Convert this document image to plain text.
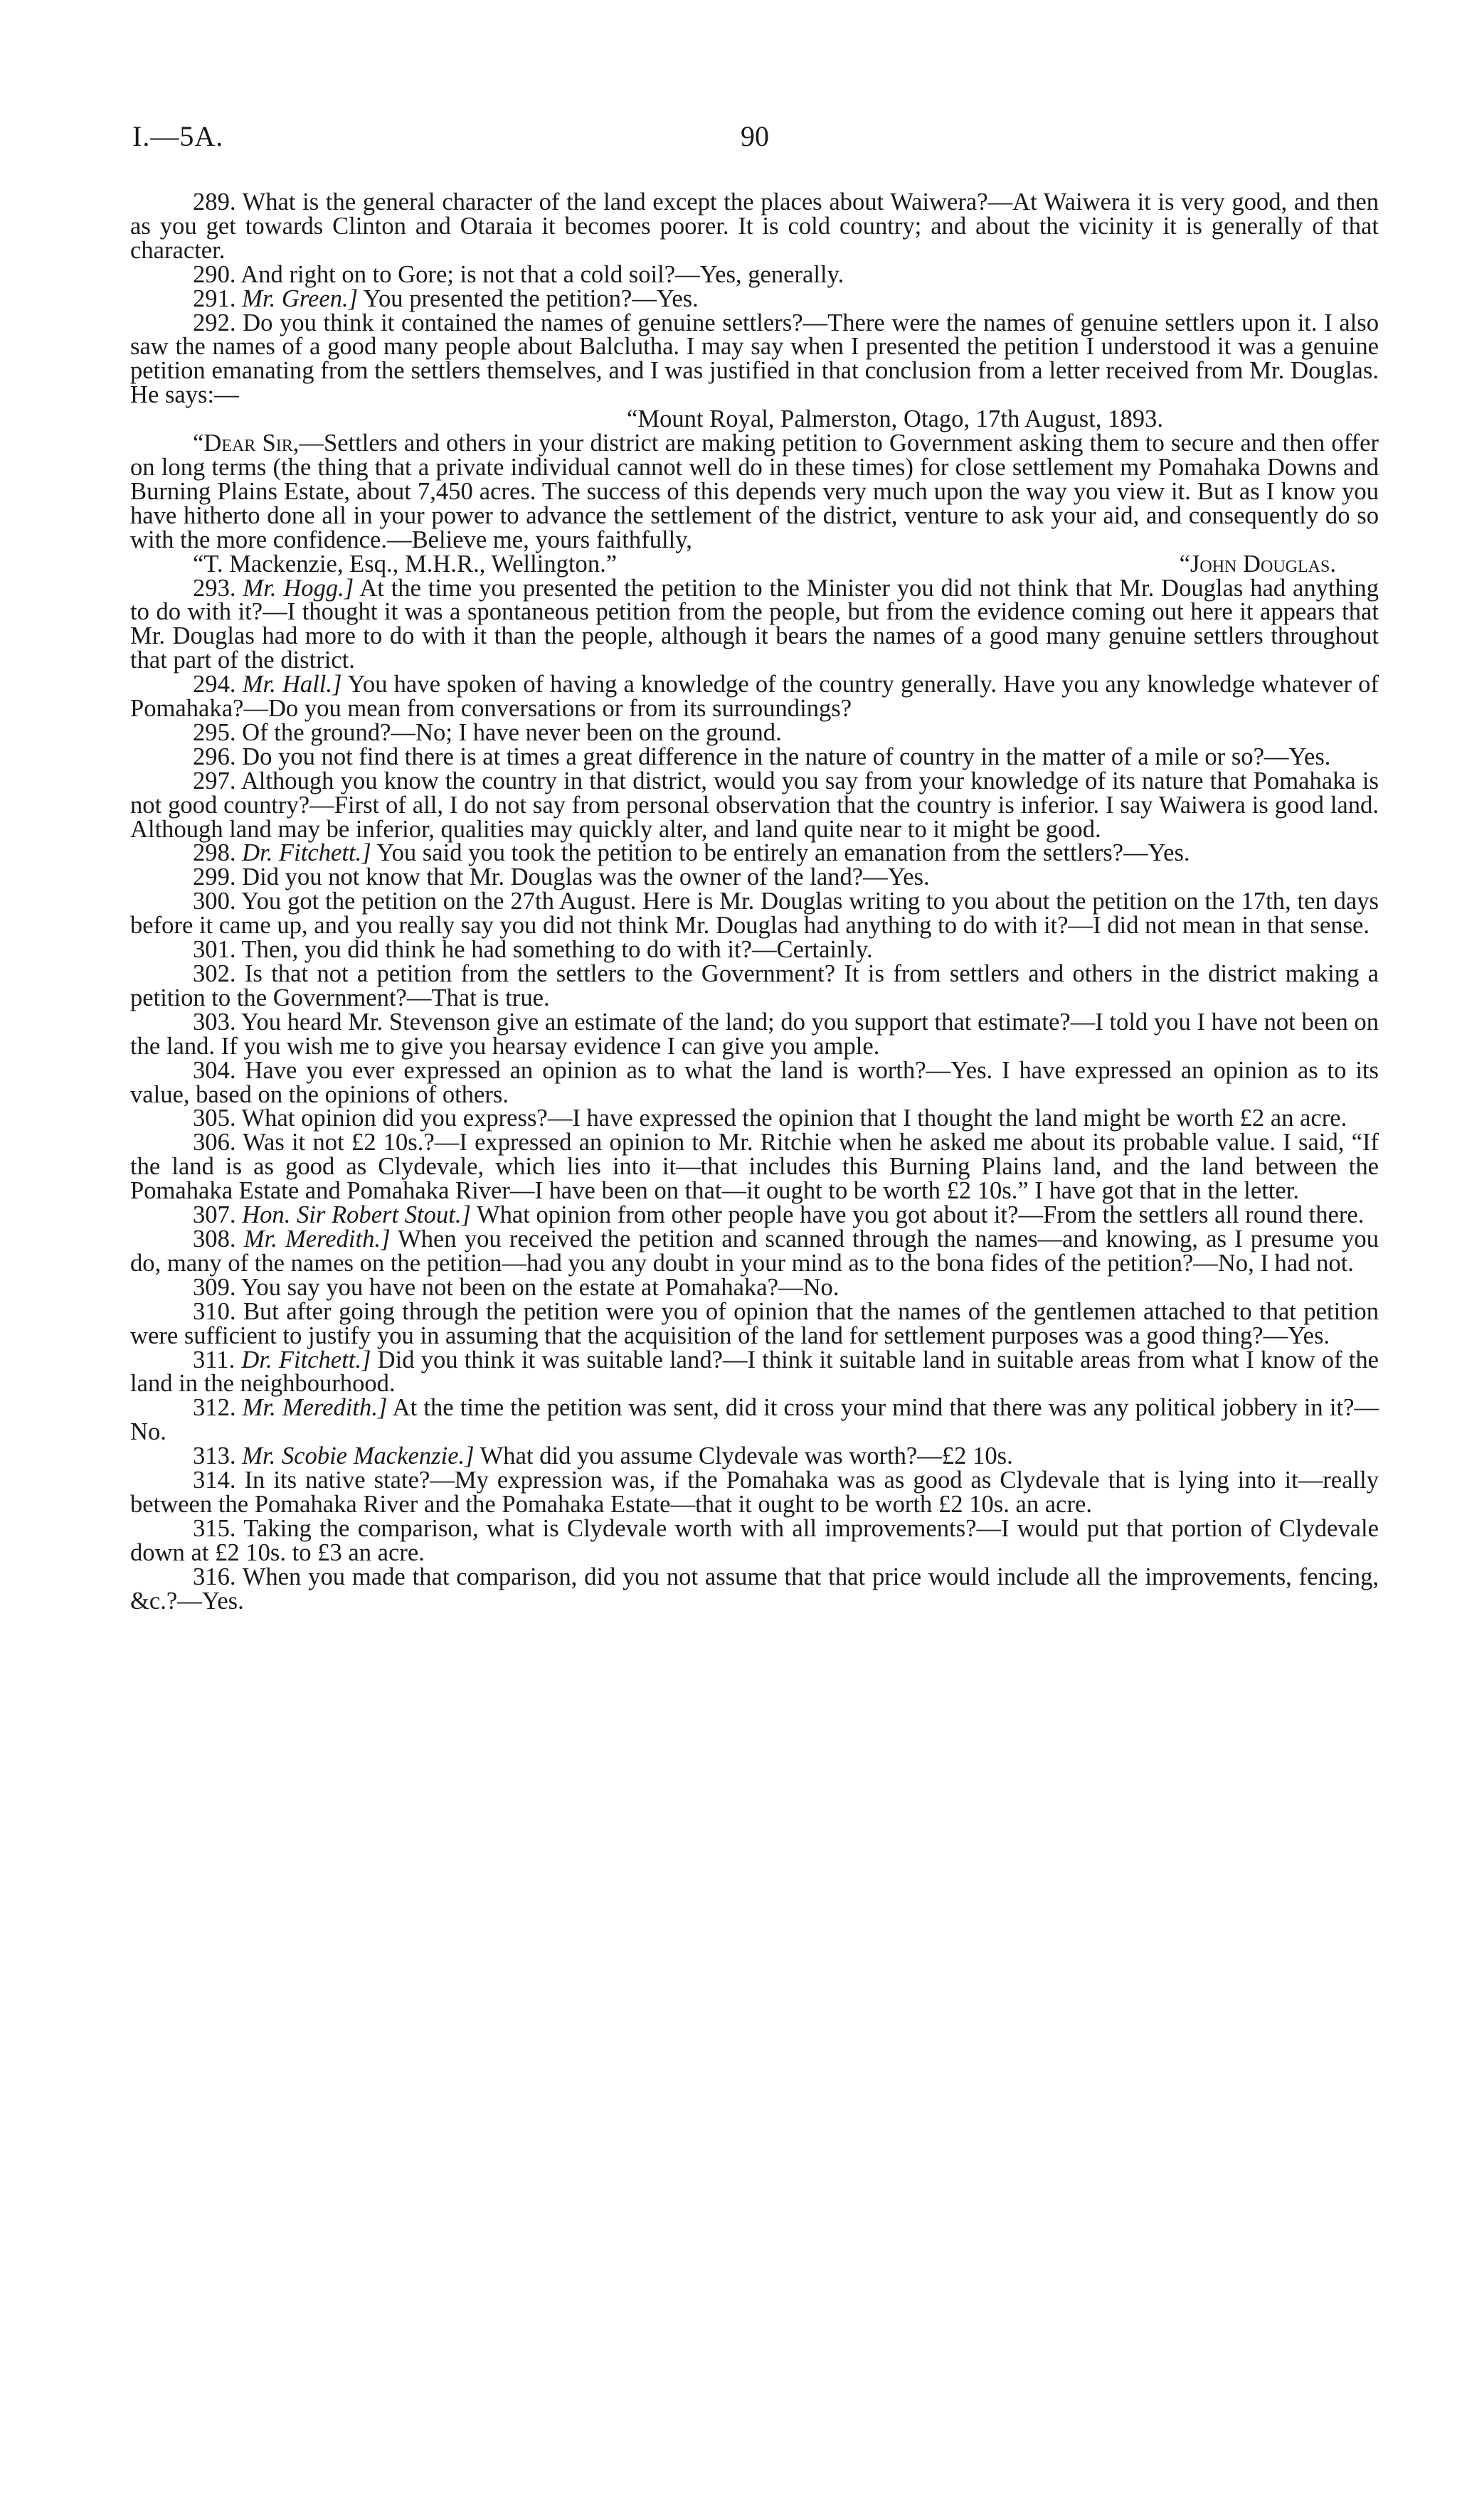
I.—5A.	90

289. What is the general character of the land except the places about Waiwera?—At Waiwera it is very good, and then as you get towards Clinton and Otaraia it becomes poorer. It is cold country; and about the vicinity it is generally of that character.

290. And right on to Gore; is not that a cold soil?—Yes, generally.

291. Mr. Green.] You presented the petition?—Yes.

292. Do you think it contained the names of genuine settlers?—There were the names of genuine settlers upon it. I also saw the names of a good many people about Balclutha. I may say when I presented the petition I understood it was a genuine petition emanating from the settlers themselves, and I was justified in that conclusion from a letter received from Mr. Douglas. He says:—

“Mount Royal, Palmerston, Otago, 17th August, 1893.

“Dear Sir,—Settlers and others in your district are making petition to Government asking them to secure and then offer on long terms (the thing that a private individual cannot well do in these times) for close settlement my Pomahaka Downs and Burning Plains Estate, about 7,450 acres. The success of this depends very much upon the way you view it. But as I know you have hitherto done all in your power to advance the settlement of the district, venture to ask your aid, and consequently do so with the more confidence.—Believe me, yours faithfully,

“T. Mackenzie, Esq., M.H.R., Wellington.”	“John Douglas.

293. Mr. Hogg.] At the time you presented the petition to the Minister you did not think that Mr. Douglas had anything to do with it?—I thought it was a spontaneous petition from the people, but from the evidence coming out here it appears that Mr. Douglas had more to do with it than the people, although it bears the names of a good many genuine settlers throughout that part of the district.

294. Mr. Hall.] You have spoken of having a knowledge of the country generally. Have you any knowledge whatever of Pomahaka?—Do you mean from conversations or from its surroundings?

295. Of the ground?—No; I have never been on the ground.

296. Do you not find there is at times a great difference in the nature of country in the matter of a mile or so?—Yes.

297. Although you know the country in that district, would you say from your knowledge of its nature that Pomahaka is not good country?—First of all, I do not say from personal observation that the country is inferior. I say Waiwera is good land. Although land may be inferior, qualities may quickly alter, and land quite near to it might be good.

298. Dr. Fitchett.] You said you took the petition to be entirely an emanation from the settlers?—Yes.

299. Did you not know that Mr. Douglas was the owner of the land?—Yes.

300. You got the petition on the 27th August. Here is Mr. Douglas writing to you about the petition on the 17th, ten days before it came up, and you really say you did not think Mr. Douglas had anything to do with it?—I did not mean in that sense.

301. Then, you did think he had something to do with it?—Certainly.

302. Is that not a petition from the settlers to the Government? It is from settlers and others in the district making a petition to the Government?—That is true.

303. You heard Mr. Stevenson give an estimate of the land; do you support that estimate?—I told you I have not been on the land. If you wish me to give you hearsay evidence I can give you ample.

304. Have you ever expressed an opinion as to what the land is worth?—Yes. I have expressed an opinion as to its value, based on the opinions of others.

305. What opinion did you express?—I have expressed the opinion that I thought the land might be worth £2 an acre.

306. Was it not £2 10s.?—I expressed an opinion to Mr. Ritchie when he asked me about its probable value. I said, “If the land is as good as Clydevale, which lies into it—that includes this Burning Plains land, and the land between the Pomahaka Estate and Pomahaka River—I have been on that—it ought to be worth £2 10s.” I have got that in the letter.

307. Hon. Sir Robert Stout.] What opinion from other people have you got about it?—From the settlers all round there.

308. Mr. Meredith.] When you received the petition and scanned through the names—and knowing, as I presume you do, many of the names on the petition—had you any doubt in your mind as to the bona fides of the petition?—No, I had not.

309. You say you have not been on the estate at Pomahaka?—No.

310. But after going through the petition were you of opinion that the names of the gentlemen attached to that petition were sufficient to justify you in assuming that the acquisition of the land for settlement purposes was a good thing?—Yes.

311. Dr. Fitchett.] Did you think it was suitable land?—I think it suitable land in suitable areas from what I know of the land in the neighbourhood.

312. Mr. Meredith.] At the time the petition was sent, did it cross your mind that there was any political jobbery in it?—No.

313. Mr. Scobie Mackenzie.] What did you assume Clydevale was worth?—£2 10s.

314. In its native state?—My expression was, if the Pomahaka was as good as Clydevale that is lying into it—really between the Pomahaka River and the Pomahaka Estate—that it ought to be worth £2 10s. an acre.

315. Taking the comparison, what is Clydevale worth with all improvements?—I would put that portion of Clydevale down at £2 10s. to £3 an acre.

316. When you made that comparison, did you not assume that that price would include all the improvements, fencing, &c.?—Yes.
